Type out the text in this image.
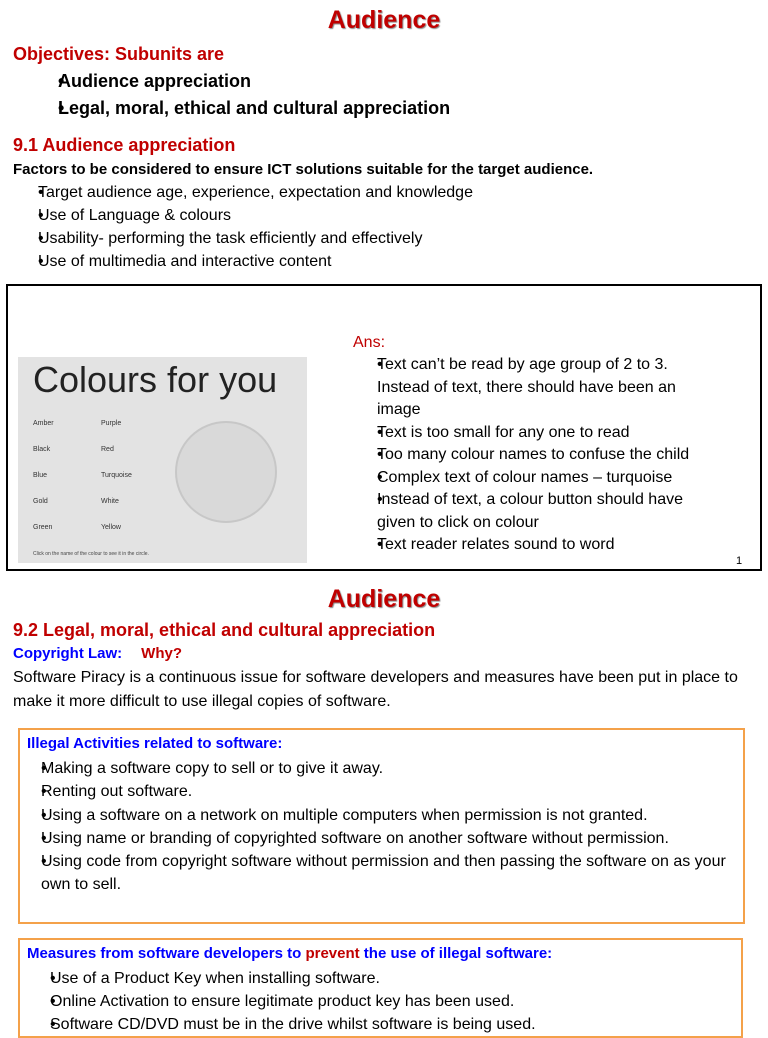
Audience
Objectives: Subunits are
• Audience appreciation
• Legal, moral, ethical and cultural appreciation
9.1 Audience appreciation
Factors to be considered to ensure ICT solutions suitable for the target audience.
• Target audience age, experience, expectation and knowledge
• Use of Language & colours
• Usability- performing the task efficiently and effectively
• Use of multimedia and interactive content
Colours for you
Amber
Black
Blue
Gold
Green
Purple
Red
Turquoise
White
Yellow
Click on the name of the colour to see it in the circle.
Ans:
• Text can’t be read by age group of 2 to 3. Instead of text, there should have been an image
• Text is too small for any one to read
• Too many colour names to confuse the child
• Complex text of colour names – turquoise
• Instead of text, a colour button should have given to click on colour
• Text reader relates sound to word
1
Audience
9.2 Legal, moral, ethical and cultural appreciation
Copyright Law: Why?
Software Piracy is a continuous issue for software developers and measures have been put in place to make it more difficult to use illegal copies of software.
Illegal Activities related to software:
• Making a software copy to sell or to give it away.
• Renting out software.
• Using a software on a network on multiple computers when permission is not granted.
• Using name or branding of copyrighted software on another software without permission.
• Using code from copyright software without permission and then passing the software on as your own to sell.
Measures from software developers to prevent the use of illegal software:
• Use of a Product Key when installing software.
• Online Activation to ensure legitimate product key has been used.
• Software CD/DVD must be in the drive whilst software is being used.
